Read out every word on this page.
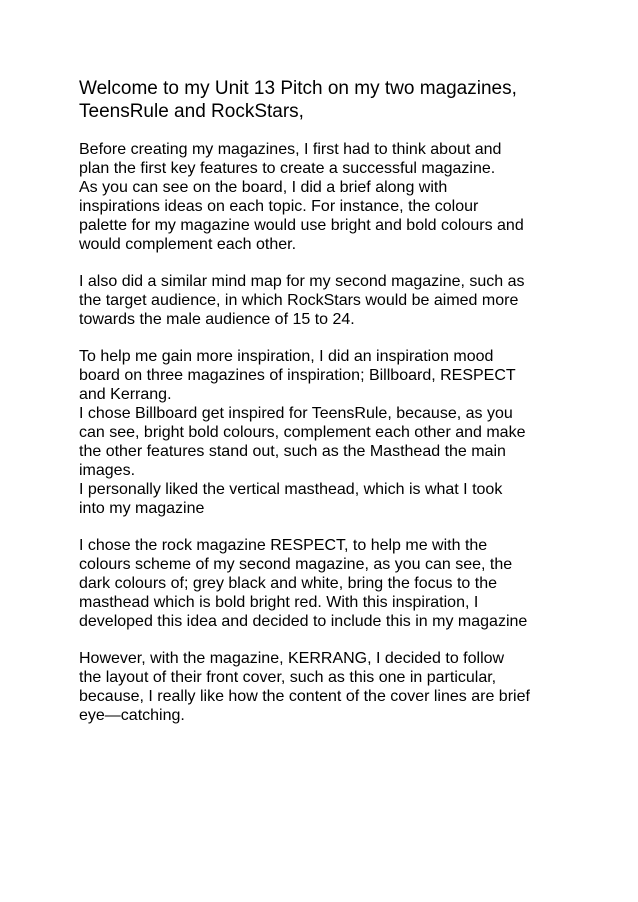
Welcome to my Unit 13 Pitch on my two magazines,
TeensRule and RockStars,

Before creating my magazines, I first had to think about and
plan the first key features to create a successful magazine.
As you can see on the board, I did a brief along with
inspirations ideas on each topic. For instance, the colour
palette for my magazine would use bright and bold colours and
would complement each other.

I also did a similar mind map for my second magazine, such as
the target audience, in which RockStars would be aimed more
towards the male audience of 15 to 24.

To help me gain more inspiration, I did an inspiration mood
board on three magazines of inspiration; Billboard, RESPECT
and Kerrang.
I chose Billboard get inspired for TeensRule, because, as you
can see, bright bold colours, complement each other and make
the other features stand out, such as the Masthead the main
images.
I personally liked the vertical masthead, which is what I took
into my magazine

I chose the rock magazine RESPECT, to help me with the
colours scheme of my second magazine, as you can see, the
dark colours of; grey black and white, bring the focus to the
masthead which is bold bright red. With this inspiration, I
developed this idea and decided to include this in my magazine

However, with the magazine, KERRANG, I decided to follow
the layout of their front cover, such as this one in particular,
because, I really like how the content of the cover lines are brief
eye—catching.
